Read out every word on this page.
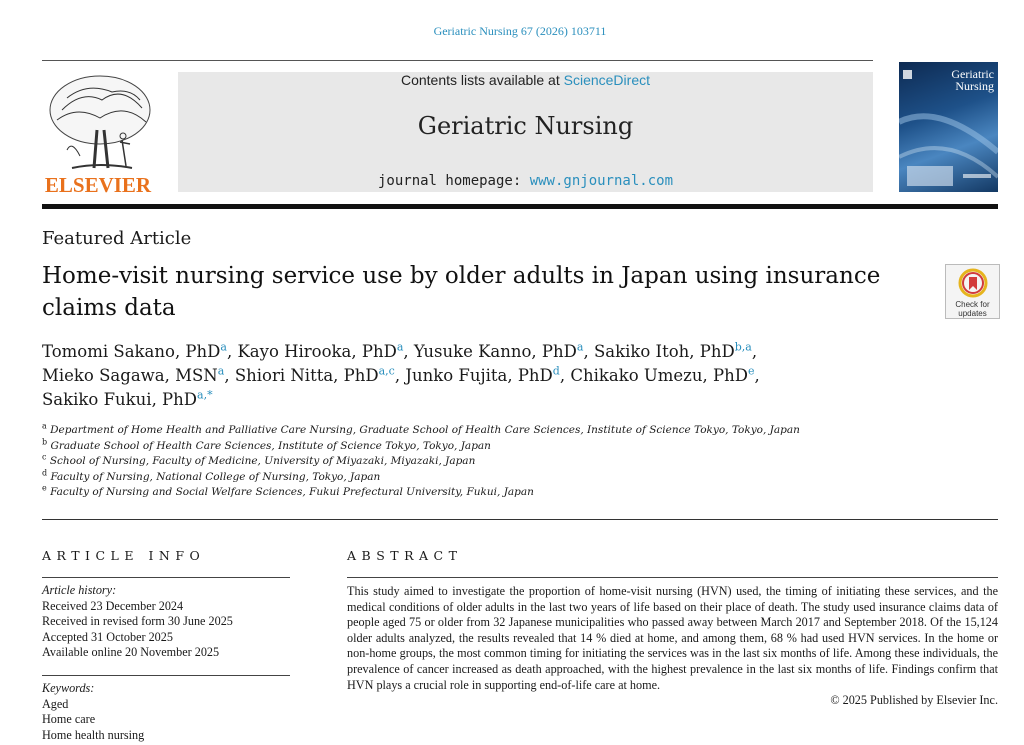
Geriatric Nursing 67 (2026) 103711
ELSEVIER
Contents lists available at ScienceDirect
Geriatric Nursing
journal homepage: www.gnjournal.com
Geriatric
Nursing
Featured Article
Home-visit nursing service use by older adults in Japan using insurance claims data	Check for
updates
Tomomi Sakano, PhD$^a$, Kayo Hirooka, PhD$^a$, Yusuke Kanno, PhD$^a$, Sakiko Itoh, PhD$^{b,a}$,
Mieko Sagawa, MSN$^a$, Shiori Nitta, PhD$^{a,c}$, Junko Fujita, PhD$^d$, Chikako Umezu, PhD$^e$,
Sakiko Fukui, PhD$^{a,*}$
$^a$ Department of Home Health and Palliative Care Nursing, Graduate School of Health Care Sciences, Institute of Science Tokyo, Tokyo, Japan
$^b$ Graduate School of Health Care Sciences, Institute of Science Tokyo, Tokyo, Japan
$^c$ School of Nursing, Faculty of Medicine, University of Miyazaki, Miyazaki, Japan
$^d$ Faculty of Nursing, National College of Nursing, Tokyo, Japan
$^e$ Faculty of Nursing and Social Welfare Sciences, Fukui Prefectural University, Fukui, Japan
ARTICLE INFO	ABSTRACT
Article history:
Received 23 December 2024
Received in revised form 30 June 2025
Accepted 31 October 2025
Available online 20 November 2025
Keywords:
Aged
Home care
Home health nursing
This study aimed to investigate the proportion of home-visit nursing (HVN) used, the timing of initiating these services, and the medical conditions of older adults in the last two years of life based on their place of death. The study used insurance claims data of people aged 75 or older from 32 Japanese municipalities who passed away between March 2017 and September 2018. Of the 15,124 older adults analyzed, the results revealed that 14 % died at home, and among them, 68 % had used HVN services. In the home or non-home groups, the most common timing for initiating the services was in the last six months of life. Among these individuals, the prevalence of cancer increased as death approached, with the highest prevalence in the last six months of life. Findings confirm that HVN plays a crucial role in supporting end-of-life care at home.
© 2025 Published by Elsevier Inc.
